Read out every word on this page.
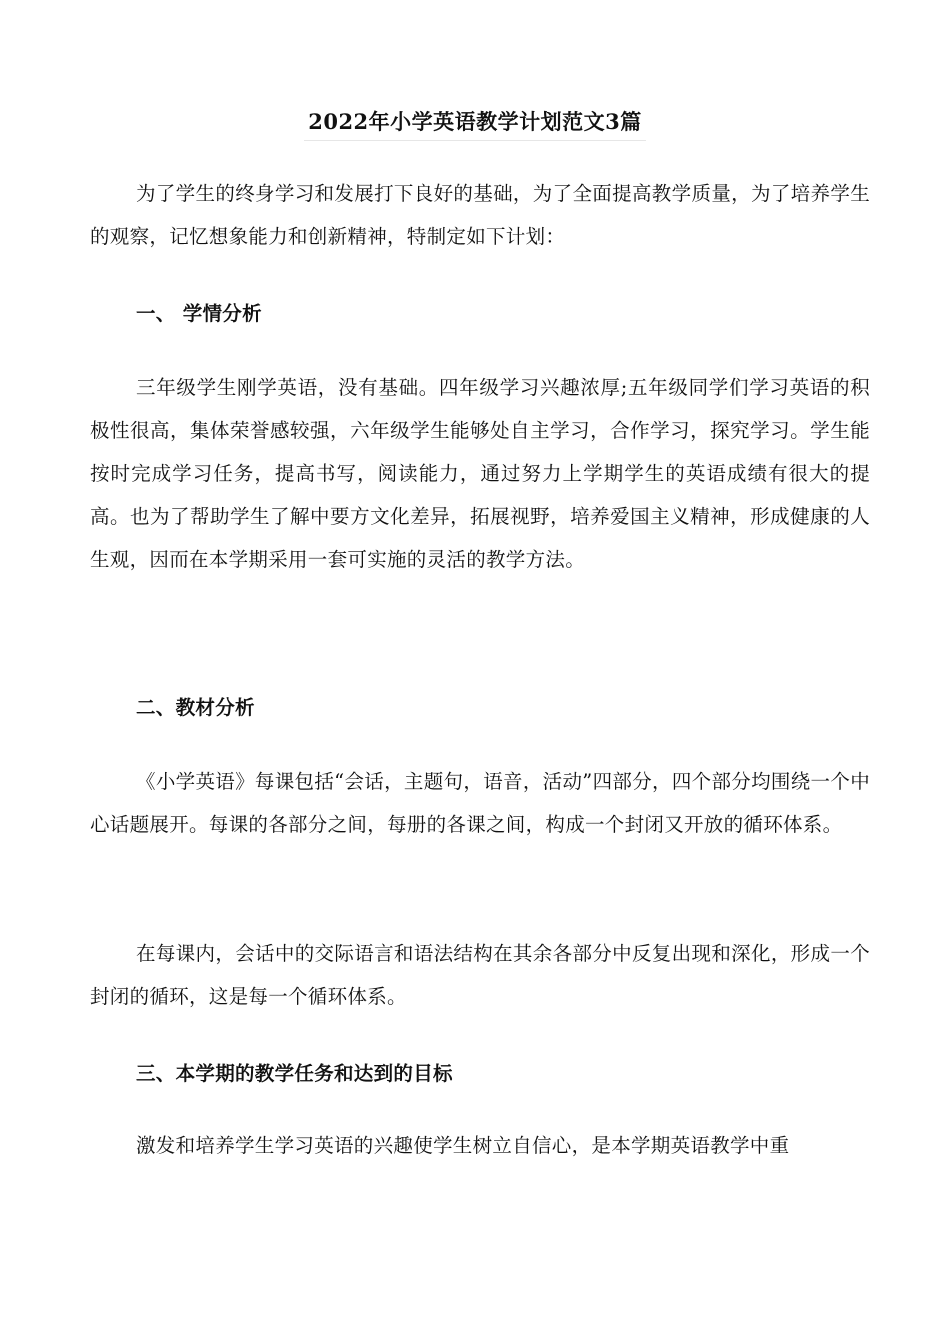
2022年小学英语教学计划范文3篇

为了学生的终身学习和发展打下良好的基础，为了全面提高教学质量，为了培养学生的观察，记忆想象能力和创新精神，特制定如下计划：

一、 学情分析

三年级学生刚学英语，没有基础。四年级学习兴趣浓厚;五年级同学们学习英语的积极性很高，集体荣誉感较强，六年级学生能够处自主学习，合作学习，探究学习。学生能按时完成学习任务，提高书写，阅读能力，通过努力上学期学生的英语成绩有很大的提高。也为了帮助学生了解中要方文化差异，拓展视野，培养爱国主义精神，形成健康的人生观，因而在本学期采用一套可实施的灵活的教学方法。

二、教材分析

《小学英语》每课包括“会话，主题句，语音，活动”四部分，四个部分均围绕一个中心话题展开。每课的各部分之间，每册的各课之间，构成一个封闭又开放的循环体系。

在每课内，会话中的交际语言和语法结构在其余各部分中反复出现和深化，形成一个封闭的循环，这是每一个循环体系。

三、本学期的教学任务和达到的目标

激发和培养学生学习英语的兴趣使学生树立自信心，是本学期英语教学中重
